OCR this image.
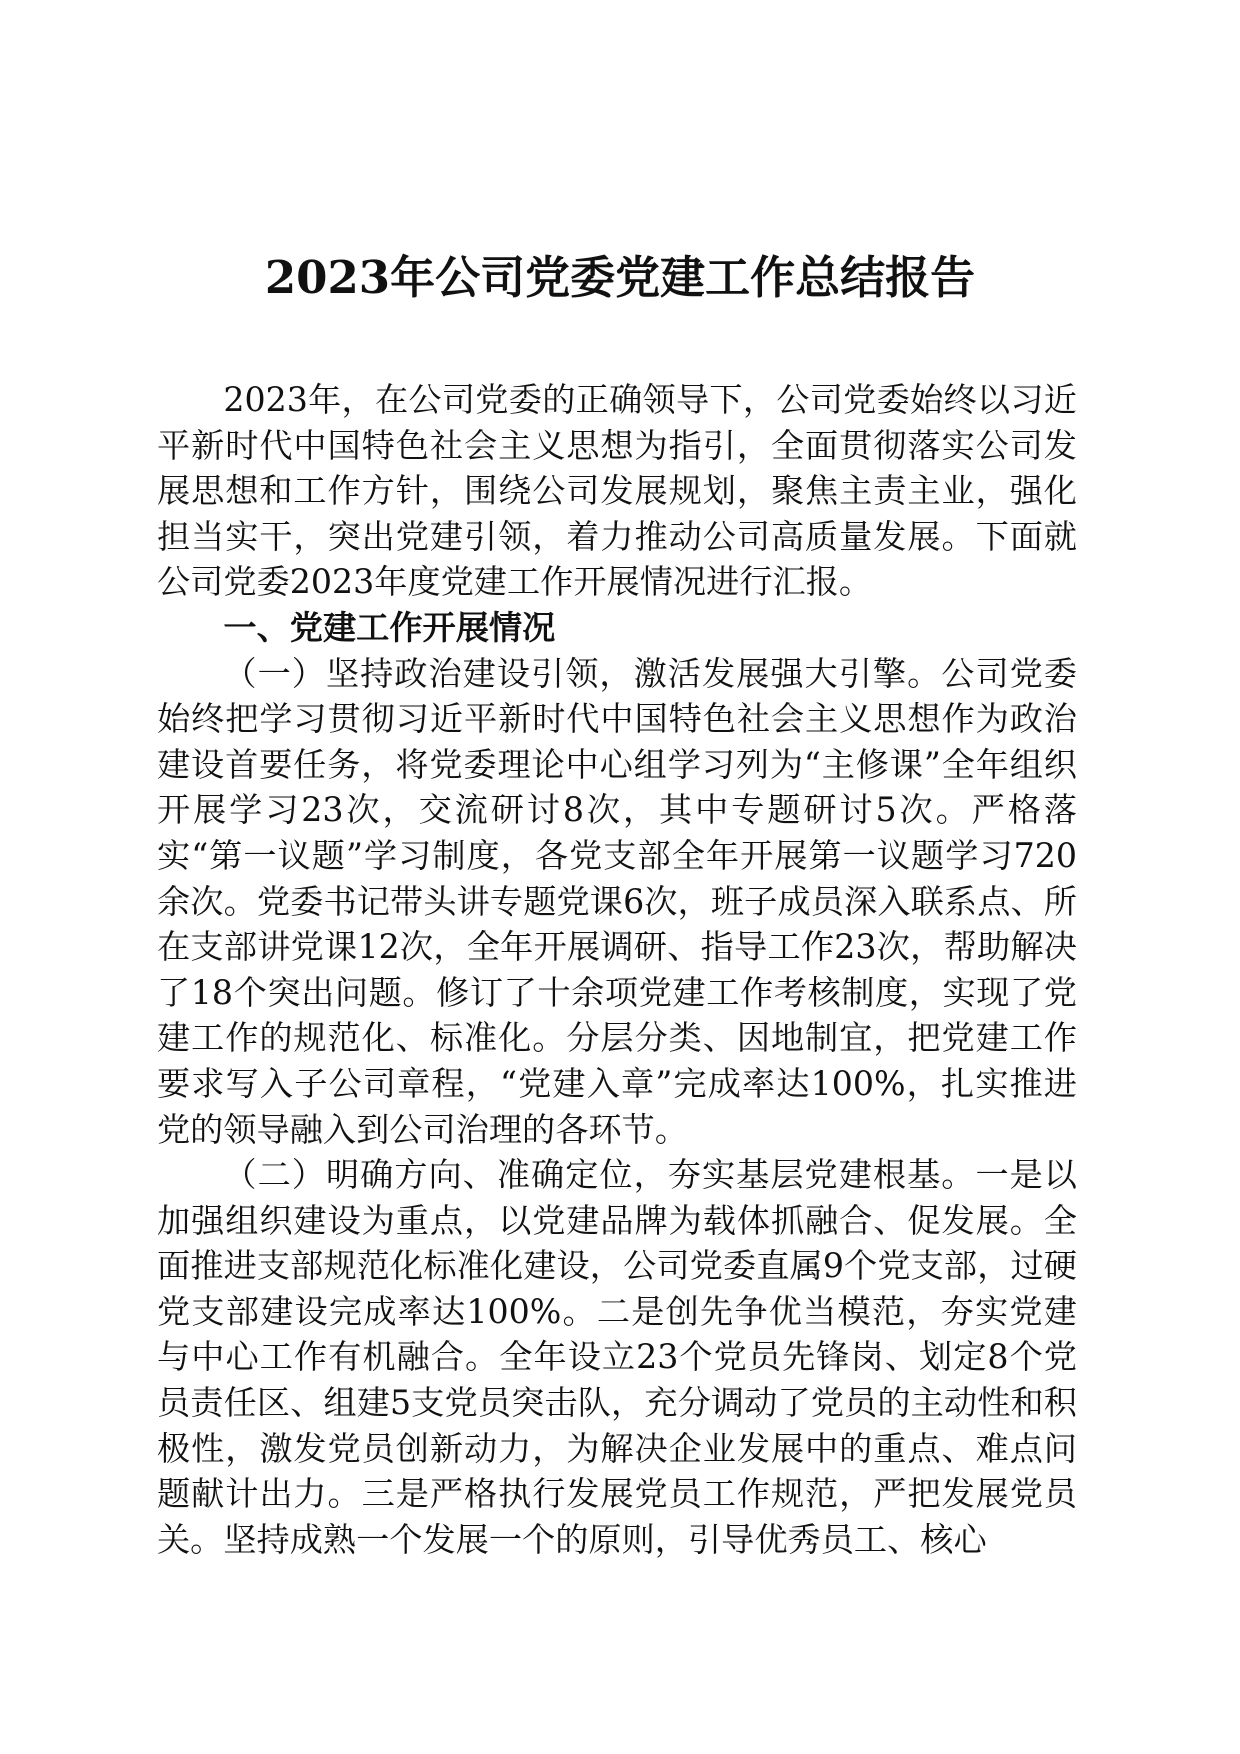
2023年公司党委党建工作总结报告

2023年，在公司党委的正确领导下，公司党委始终以习近平新时代中国特色社会主义思想为指引，全面贯彻落实公司发展思想和工作方针，围绕公司发展规划，聚焦主责主业，强化担当实干，突出党建引领，着力推动公司高质量发展。下面就公司党委2023年度党建工作开展情况进行汇报。

一、党建工作开展情况

（一）坚持政治建设引领，激活发展强大引擎。公司党委始终把学习贯彻习近平新时代中国特色社会主义思想作为政治建设首要任务，将党委理论中心组学习列为“主修课”全年组织开展学习23次，交流研讨8次，其中专题研讨5次。严格落实“第一议题”学习制度，各党支部全年开展第一议题学习720余次。党委书记带头讲专题党课6次，班子成员深入联系点、所在支部讲党课12次，全年开展调研、指导工作23次，帮助解决了18个突出问题。修订了十余项党建工作考核制度，实现了党建工作的规范化、标准化。分层分类、因地制宜，把党建工作要求写入子公司章程，“党建入章”完成率达100%，扎实推进党的领导融入到公司治理的各环节。

（二）明确方向、准确定位，夯实基层党建根基。一是以加强组织建设为重点，以党建品牌为载体抓融合、促发展。全面推进支部规范化标准化建设，公司党委直属9个党支部，过硬党支部建设完成率达100%。二是创先争优当模范，夯实党建与中心工作有机融合。全年设立23个党员先锋岗、划定8个党员责任区、组建5支党员突击队，充分调动了党员的主动性和积极性，激发党员创新动力，为解决企业发展中的重点、难点问题献计出力。三是严格执行发展党员工作规范，严把发展党员关。坚持成熟一个发展一个的原则，引导优秀员工、核心
